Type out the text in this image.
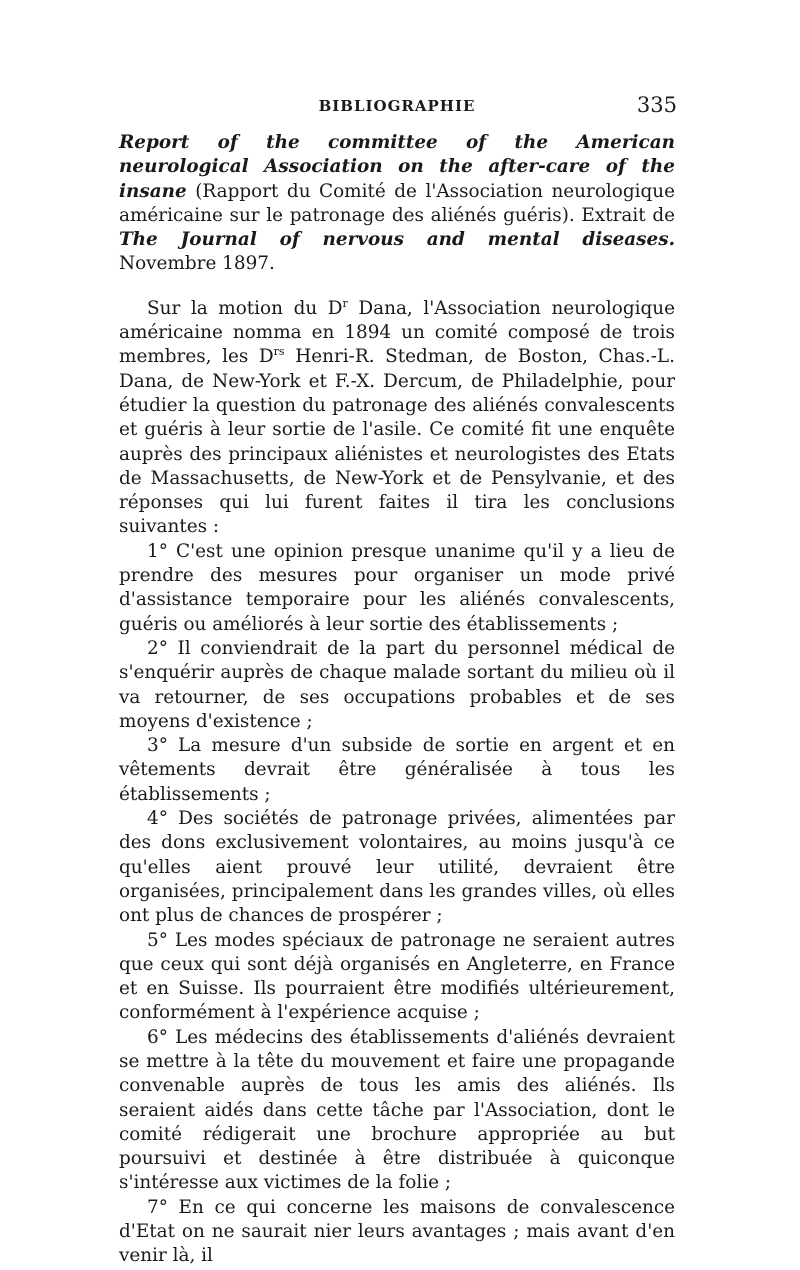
BIBLIOGRAPHIE	335

Report of the committee of the American neurological Association on the after-care of the insane (Rapport du Comité de l'Association neurologique américaine sur le patronage des aliénés guéris). Extrait de The Journal of nervous and mental diseases. Novembre 1897.

Sur la motion du $D^r$ Dana, l'Association neurologique américaine nomma en 1894 un comité composé de trois membres, les $D^{rs}$ Henri-R. Stedman, de Boston, Chas.-L. Dana, de New-York et F.-X. Dercum, de Philadelphie, pour étudier la question du patronage des aliénés convalescents et guéris à leur sortie de l'asile. Ce comité fit une enquête auprès des principaux aliénistes et neurologistes des Etats de Massachusetts, de New-York et de Pensylvanie, et des réponses qui lui furent faites il tira les conclusions suivantes :

1° C'est une opinion presque unanime qu'il y a lieu de prendre des mesures pour organiser un mode privé d'assistance temporaire pour les aliénés convalescents, guéris ou améliorés à leur sortie des établissements ;

2° Il conviendrait de la part du personnel médical de s'enquérir auprès de chaque malade sortant du milieu où il va retourner, de ses occupations probables et de ses moyens d'existence ;

3° La mesure d'un subside de sortie en argent et en vêtements devrait être généralisée à tous les établissements ;

4° Des sociétés de patronage privées, alimentées par des dons exclusivement volontaires, au moins jusqu'à ce qu'elles aient prouvé leur utilité, devraient être organisées, principalement dans les grandes villes, où elles ont plus de chances de prospérer ;

5° Les modes spéciaux de patronage ne seraient autres que ceux qui sont déjà organisés en Angleterre, en France et en Suisse. Ils pourraient être modifiés ultérieurement, conformément à l'expérience acquise ;

6° Les médecins des établissements d'aliénés devraient se mettre à la tête du mouvement et faire une propagande convenable auprès de tous les amis des aliénés. Ils seraient aidés dans cette tâche par l'Association, dont le comité rédigerait une brochure appropriée au but poursuivi et destinée à être distribuée à quiconque s'intéresse aux victimes de la folie ;

7° En ce qui concerne les maisons de convalescence d'Etat on ne saurait nier leurs avantages ; mais avant d'en venir là, il
